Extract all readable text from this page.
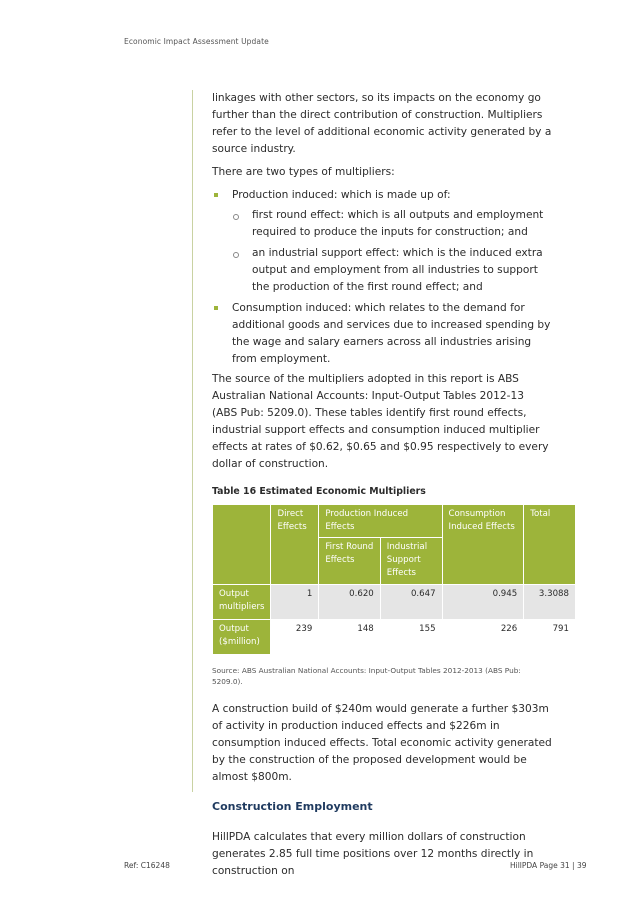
Economic Impact Assessment Update

linkages with other sectors, so its impacts on the economy go further than the direct contribution of construction. Multipliers refer to the level of additional economic activity generated by a source industry.

There are two types of multipliers:

Production induced: which is made up of:
first round effect: which is all outputs and employment required to produce the inputs for construction; and
an industrial support effect: which is the induced extra output and employment from all industries to support the production of the first round effect; and
Consumption induced: which relates to the demand for additional goods and services due to increased spending by the wage and salary earners across all industries arising from employment.

The source of the multipliers adopted in this report is ABS Australian National Accounts: Input-Output Tables 2012-13 (ABS Pub: 5209.0). These tables identify first round effects, industrial support effects and consumption induced multiplier effects at rates of $0.62, $0.65 and $0.95 respectively to every dollar of construction.

Table 16 Estimated Economic Multipliers
	Direct Effects	Production Induced Effects		Consumption Induced Effects	Total
		First Round Effects	Industrial Support Effects		
Output multipliers	1	0.620	0.647	0.945	3.3088
Output ($million)	239	148	155	226	791
Source: ABS Australian National Accounts: Input-Output Tables 2012-2013 (ABS Pub: 5209.0).

A construction build of $240m would generate a further $303m of activity in production induced effects and $226m in consumption induced effects. Total economic activity generated by the construction of the proposed development would be almost $800m.

Construction Employment

HillPDA calculates that every million dollars of construction generates 2.85 full time positions over 12 months directly in construction on

Ref: C16248	HillPDA Page 31 | 39
